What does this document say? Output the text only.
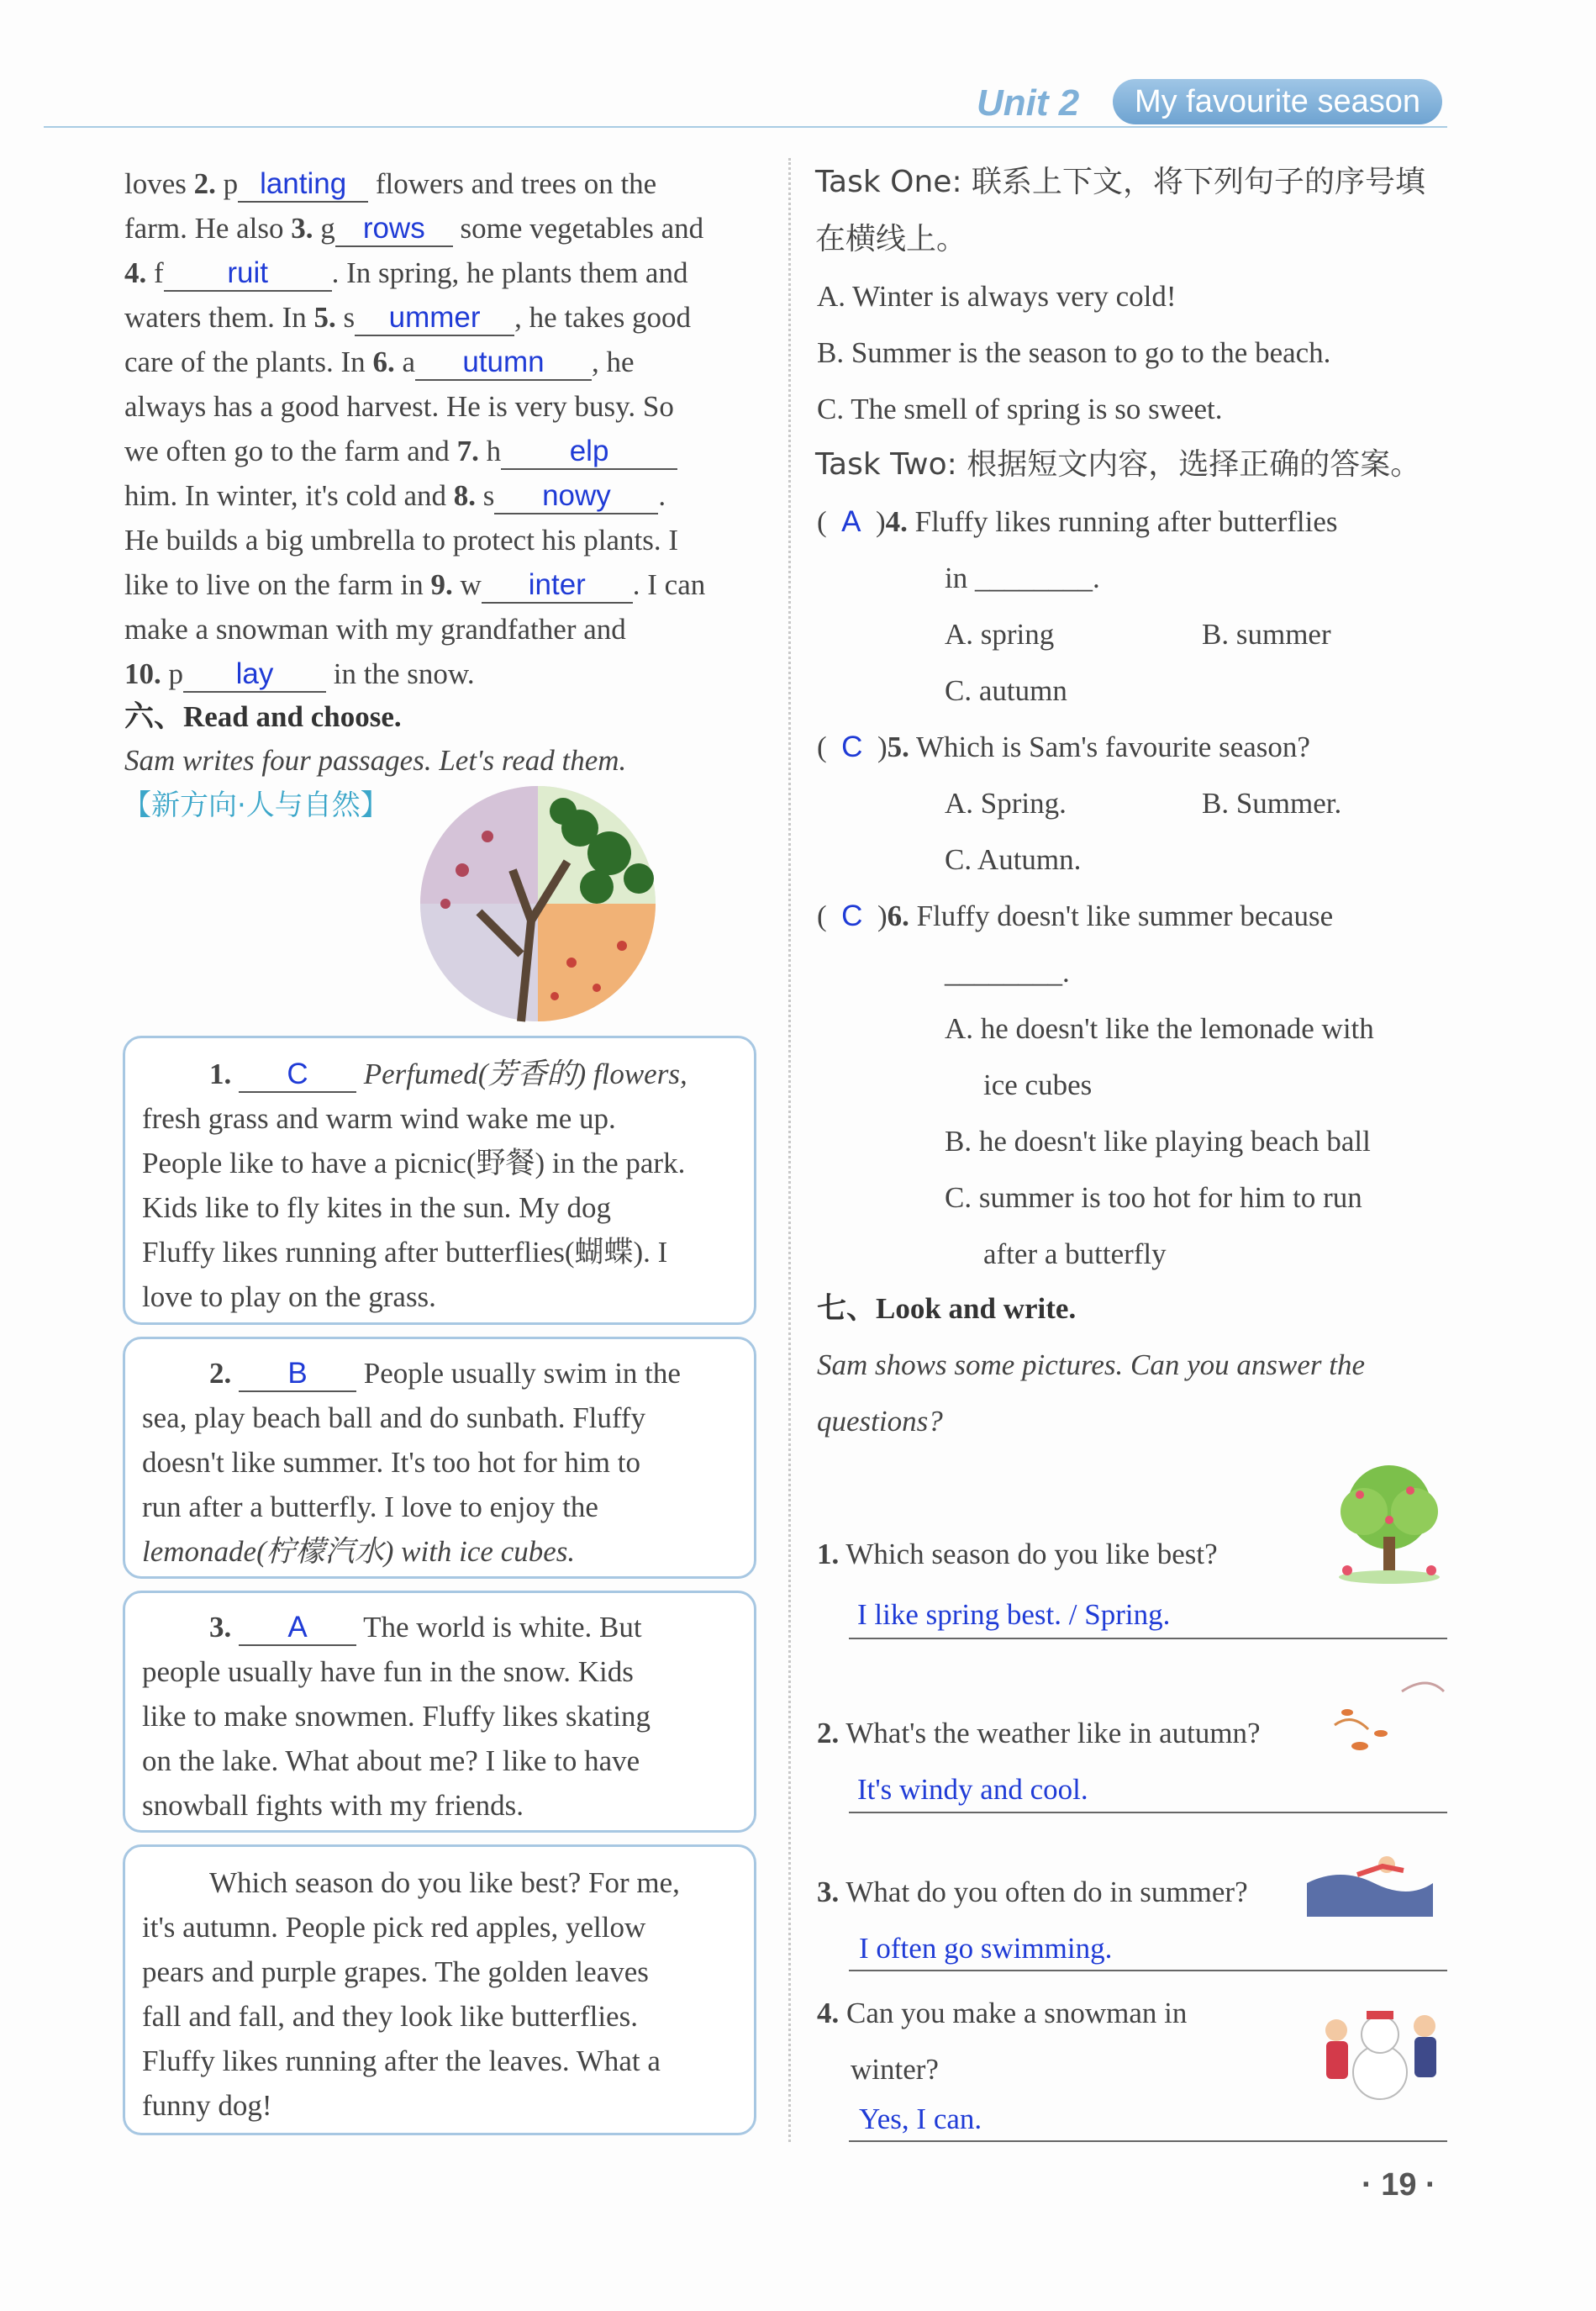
Unit 2	My favourite season
loves 2. p lanting flowers and trees on the
farm. He also 3. g rows some vegetables and
4. f ruit . In spring, he plants them and
waters them. In 5. s ummer , he takes good
care of the plants. In 6. a utumn , he
always has a good harvest. He is very busy. So
we often go to the farm and 7. h elp
him. In winter, it's cold and 8. s nowy .
He builds a big umbrella to protect his plants. I
like to live on the farm in 9. w inter . I can
make a snowman with my grandfather and
10. p lay in the snow.
六、Read and choose.
Sam writes four passages. Let's read them.
【新方向·人与自然】
1. C Perfumed(芳香的) flowers,
fresh grass and warm wind wake me up.
People like to have a picnic(野餐) in the park.
Kids like to fly kites in the sun. My dog
Fluffy likes running after butterflies(蝴蝶). I
love to play on the grass.
2. B People usually swim in the
sea, play beach ball and do sunbath. Fluffy
doesn't like summer. It's too hot for him to
run after a butterfly. I love to enjoy the
lemonade(柠檬汽水) with ice cubes.
3. A The world is white. But
people usually have fun in the snow. Kids
like to make snowmen. Fluffy likes skating
on the lake. What about me? I like to have
snowball fights with my friends.
Which season do you like best? For me,
it's autumn. People pick red apples, yellow
pears and purple grapes. The golden leaves
fall and fall, and they look like butterflies.
Fluffy likes running after the leaves. What a
funny dog!
Task One: 联系上下文，将下列句子的序号填
在横线上。
A. Winter is always very cold!
B. Summer is the season to go to the beach.
C. The smell of spring is so sweet.
Task Two: 根据短文内容，选择正确的答案。
(  A  )4. Fluffy likes running after butterflies
in ________.
A. spring	B. summer
C. autumn
(  C  )5. Which is Sam's favourite season?
A. Spring.	B. Summer.
C. Autumn.
(  C  )6. Fluffy doesn't like summer because
________.
A. he doesn't like the lemonade with
ice cubes
B. he doesn't like playing beach ball
C. summer is too hot for him to run
after a butterfly
七、Look and write.
Sam shows some pictures. Can you answer the
questions?
1. Which season do you like best?
I like spring best. / Spring.
2. What's the weather like in autumn?
It's windy and cool.
3. What do you often do in summer?
I often go swimming.
4. Can you make a snowman in
winter?
Yes, I can.
· 19 ·
